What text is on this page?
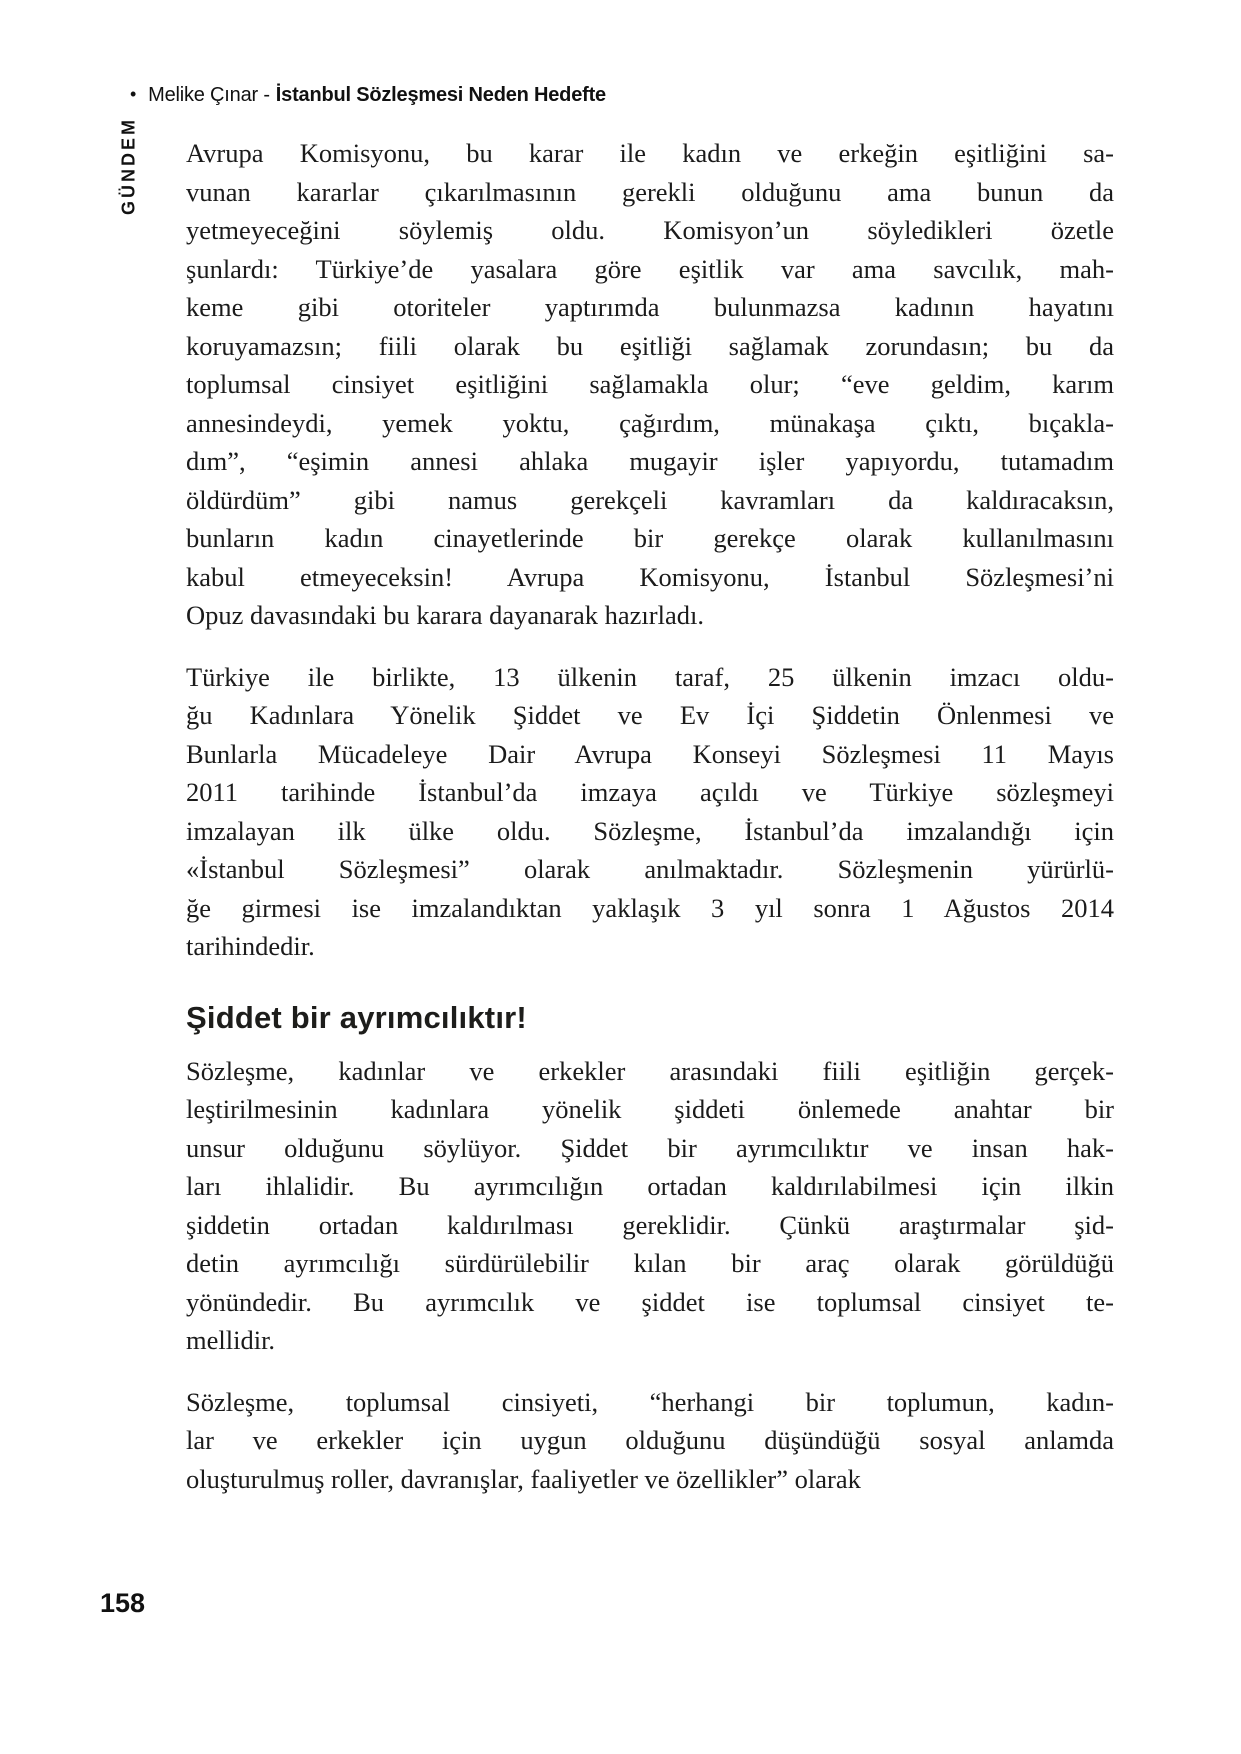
• Melike Çınar - İstanbul Sözleşmesi Neden Hedefte
GÜNDEM Avrupa Komisyonu, bu karar ile kadın ve erkeğin eşitliğini sa-
vunan kararlar çıkarılmasının gerekli olduğunu ama bunun da
yetmeyeceğini söylemiş oldu. Komisyon’un söyledikleri özetle
şunlardı: Türkiye’de yasalara göre eşitlik var ama savcılık, mah-
keme gibi otoriteler yaptırımda bulunmazsa kadının hayatını
koruyamazsın; fiili olarak bu eşitliği sağlamak zorundasın; bu da
toplumsal cinsiyet eşitliğini sağlamakla olur; “eve geldim, karım
annesindeydi, yemek yoktu, çağırdım, münakaşa çıktı, bıçakla-
dım”, “eşimin annesi ahlaka mugayir işler yapıyordu, tutamadım
öldürdüm” gibi namus gerekçeli kavramları da kaldıracaksın,
bunların kadın cinayetlerinde bir gerekçe olarak kullanılmasını
kabul etmeyeceksin! Avrupa Komisyonu, İstanbul Sözleşmesi’ni
Opuz davasındaki bu karara dayanarak hazırladı.
Türkiye ile birlikte, 13 ülkenin taraf, 25 ülkenin imzacı oldu-
ğu Kadınlara Yönelik Şiddet ve Ev İçi Şiddetin Önlenmesi ve
Bunlarla Mücadeleye Dair Avrupa Konseyi Sözleşmesi 11 Mayıs
2011 tarihinde İstanbul’da imzaya açıldı ve Türkiye sözleşmeyi
imzalayan ilk ülke oldu. Sözleşme, İstanbul’da imzalandığı için
«İstanbul Sözleşmesi” olarak anılmaktadır. Sözleşmenin yürürlü-
ğe girmesi ise imzalandıktan yaklaşık 3 yıl sonra 1 Ağustos 2014
tarihindedir.
Şiddet bir ayrımcılıktır!
Sözleşme, kadınlar ve erkekler arasındaki fiili eşitliğin gerçek-
leştirilmesinin kadınlara yönelik şiddeti önlemede anahtar bir
unsur olduğunu söylüyor. Şiddet bir ayrımcılıktır ve insan hak-
ları ihlalidir. Bu ayrımcılığın ortadan kaldırılabilmesi için ilkin
şiddetin ortadan kaldırılması gereklidir. Çünkü araştırmalar şid-
detin ayrımcılığı sürdürülebilir kılan bir araç olarak görüldüğü
yönündedir. Bu ayrımcılık ve şiddet ise toplumsal cinsiyet te-
mellidir.
Sözleşme, toplumsal cinsiyeti, “herhangi bir toplumun, kadın-
lar ve erkekler için uygun olduğunu düşündüğü sosyal anlamda
oluşturulmuş roller, davranışlar, faaliyetler ve özellikler” olarak
158
